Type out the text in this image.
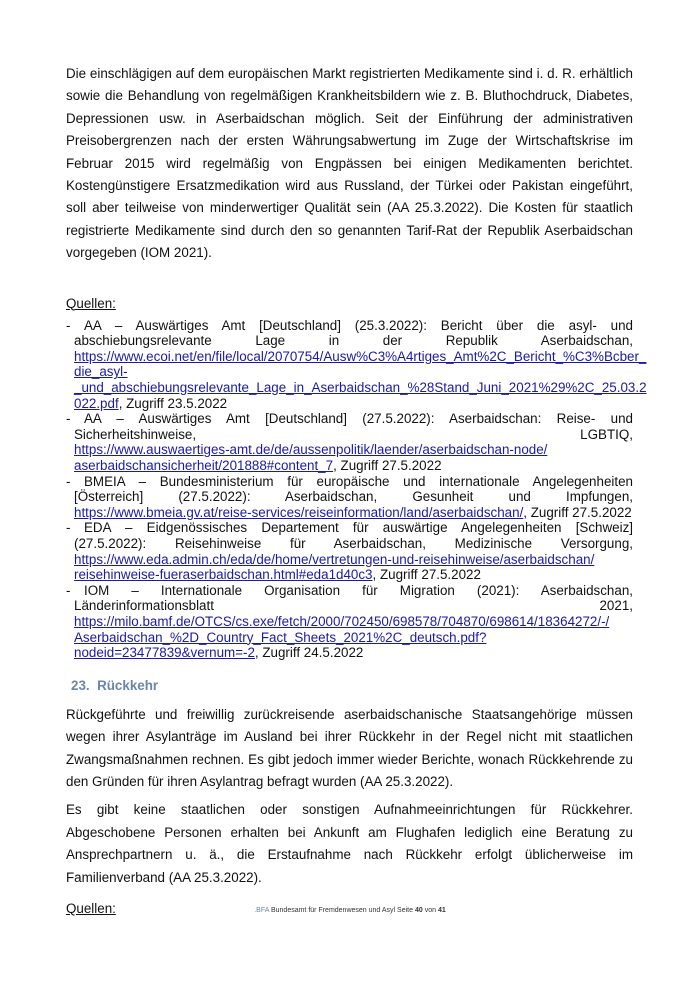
Die einschlägigen auf dem europäischen Markt registrierten Medikamente sind i. d. R. erhältlich sowie die Behandlung von regelmäßigen Krankheitsbildern wie z. B. Bluthochdruck, Diabetes, Depressionen usw. in Aserbaidschan möglich. Seit der Einführung der administrativen Preisobergrenzen nach der ersten Währungsabwertung im Zuge der Wirtschaftskrise im Februar 2015 wird regelmäßig von Engpässen bei einigen Medikamenten berichtet. Kostengünstigere Ersatzmedikation wird aus Russland, der Türkei oder Pakistan eingeführt, soll aber teilweise von minderwertiger Qualität sein (AA 25.3.2022). Die Kosten für staatlich registrierte Medikamente sind durch den so genannten Tarif-Rat der Republik Aserbaidschan vorgegeben (IOM 2021).

Quellen:
-	AA – Auswärtiges Amt [Deutschland] (25.3.2022): Bericht über die asyl- und abschiebungsrelevante Lage in der Republik Aserbaidschan,
https://www.ecoi.net/en/file/local/2070754/Ausw%C3%A4rtiges_Amt%2C_Bericht_%C3%Bcber_
die_asyl-
_und_abschiebungsrelevante_Lage_in_Aserbaidschan_%28Stand_Juni_2021%29%2C_25.03.2
022.pdf, Zugriff 23.5.2022
-	AA – Auswärtiges Amt [Deutschland] (27.5.2022): Aserbaidschan: Reise- und Sicherheitshinweise, LGBTIQ,
https://www.auswaertiges-amt.de/de/aussenpolitik/laender/aserbaidschan-node/
aserbaidschansicherheit/201888#content_7, Zugriff 27.5.2022
-	BMEIA – Bundesministerium für europäische und internationale Angelegenheiten [Österreich] (27.5.2022): Aserbaidschan, Gesunheit und Impfungen,
https://www.bmeia.gv.at/reise-services/reiseinformation/land/aserbaidschan/, Zugriff 27.5.2022
-	EDA – Eidgenössisches Departement für auswärtige Angelegenheiten [Schweiz] (27.5.2022): Reisehinweise für Aserbaidschan, Medizinische Versorgung,
https://www.eda.admin.ch/eda/de/home/vertretungen-und-reisehinweise/aserbaidschan/
reisehinweise-fueraserbaidschan.html#eda1d40c3, Zugriff 27.5.2022
-	IOM – Internationale Organisation für Migration (2021): Aserbaidschan, Länderinformationsblatt 2021,
https://milo.bamf.de/OTCS/cs.exe/fetch/2000/702450/698578/704870/698614/18364272/-/
Aserbaidschan_%2D_Country_Fact_Sheets_2021%2C_deutsch.pdf?
nodeid=23477839&vernum=-2, Zugriff 24.5.2022
23. Rückkehr

Rückgeführte und freiwillig zurückreisende aserbaidschanische Staatsangehörige müssen wegen ihrer Asylanträge im Ausland bei ihrer Rückkehr in der Regel nicht mit staatlichen Zwangsmaßnahmen rechnen. Es gibt jedoch immer wieder Berichte, wonach Rückkehrende zu den Gründen für ihren Asylantrag befragt wurden (AA 25.3.2022).

Es gibt keine staatlichen oder sonstigen Aufnahmeeinrichtungen für Rückkehrer. Abgeschobene Personen erhalten bei Ankunft am Flughafen lediglich eine Beratung zu Ansprechpartnern u. ä., die Erstaufnahme nach Rückkehr erfolgt üblicherweise im Familienverband (AA 25.3.2022).

Quellen:	.BFA Bundesamt für Fremdenwesen und Asyl Seite 40 von 41
